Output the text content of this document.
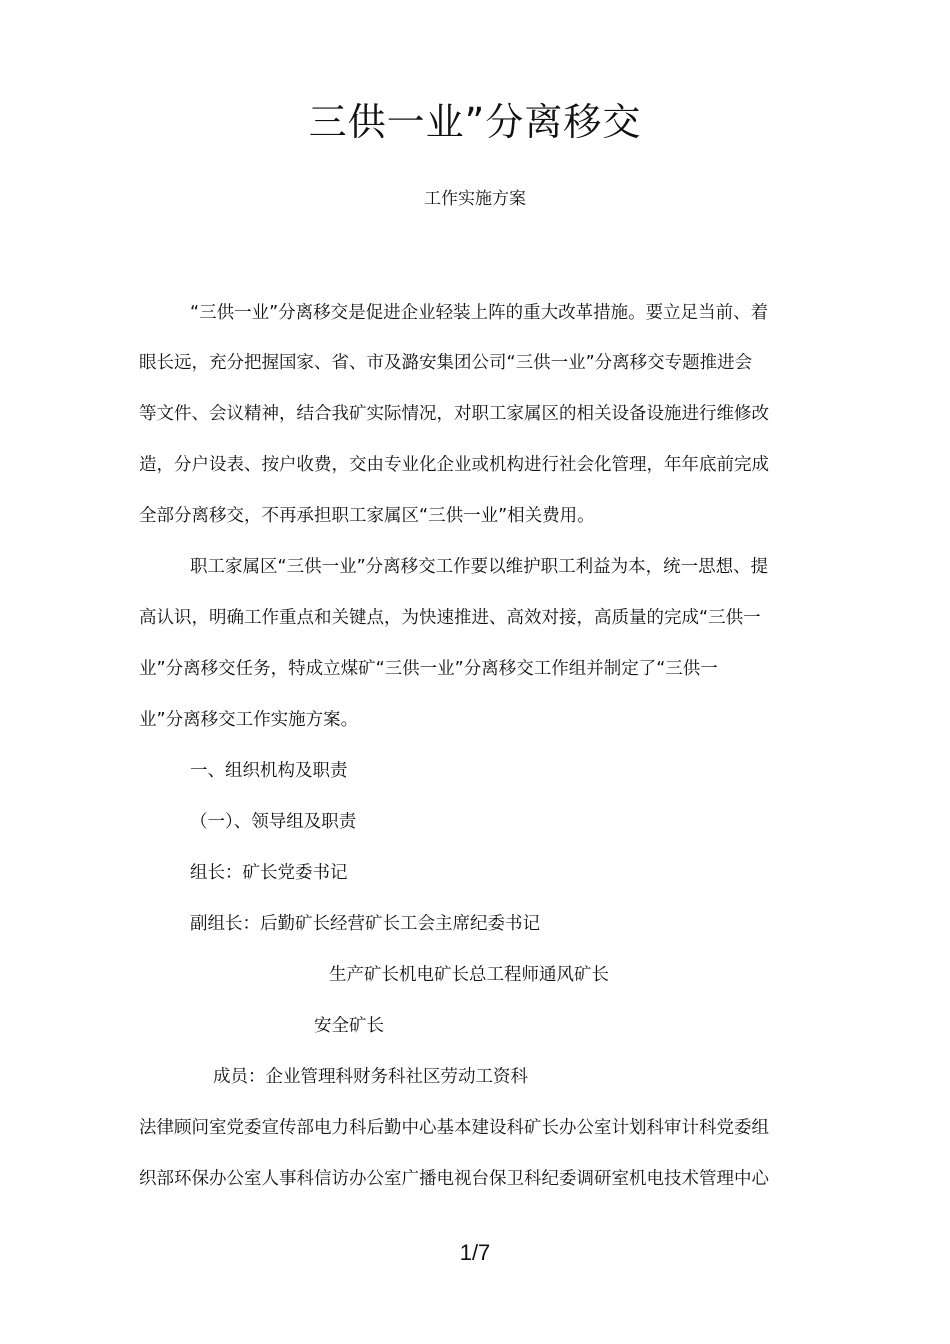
三供一业”分离移交
工作实施方案
“三供一业”分离移交是促进企业轻装上阵的重大改革措施。要立足当前、着
眼长远，充分把握国家、省、市及潞安集团公司“三供一业”分离移交专题推进会
等文件、会议精神，结合我矿实际情况，对职工家属区的相关设备设施进行维修改
造，分户设表、按户收费，交由专业化企业或机构进行社会化管理，年年底前完成
全部分离移交，不再承担职工家属区“三供一业”相关费用。
职工家属区“三供一业”分离移交工作要以维护职工利益为本，统一思想、提
高认识，明确工作重点和关键点，为快速推进、高效对接，高质量的完成“三供一
业”分离移交任务，特成立煤矿“三供一业”分离移交工作组并制定了“三供一
业”分离移交工作实施方案。
一、组织机构及职责
（一）、领导组及职责
组长：矿长党委书记
副组长：后勤矿长经营矿长工会主席纪委书记
生产矿长机电矿长总工程师通风矿长
安全矿长
成员：企业管理科财务科社区劳动工资科
法律顾问室党委宣传部电力科后勤中心基本建设科矿长办公室计划科审计科党委组
织部环保办公室人事科信访办公室广播电视台保卫科纪委调研室机电技术管理中心
1/7
